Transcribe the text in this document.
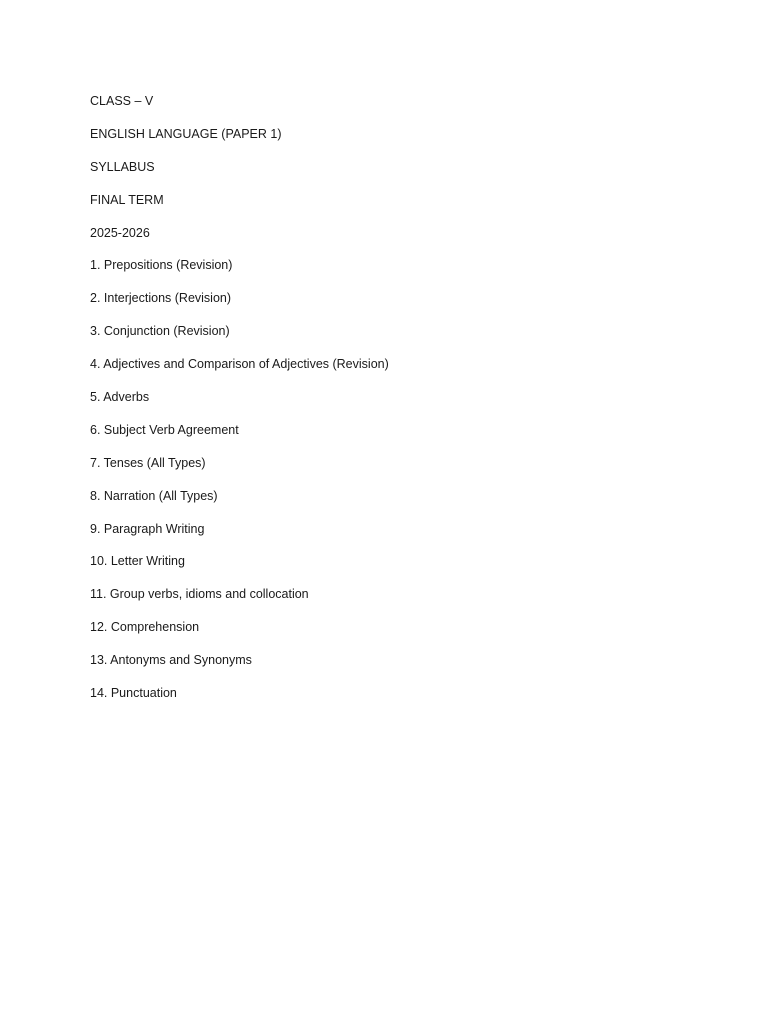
CLASS – V
ENGLISH LANGUAGE (PAPER 1)
SYLLABUS
FINAL TERM
2025-2026
1. Prepositions (Revision)
2. Interjections (Revision)
3. Conjunction (Revision)
4. Adjectives and Comparison of Adjectives (Revision)
5. Adverbs
6. Subject Verb Agreement
7. Tenses (All Types)
8. Narration (All Types)
9. Paragraph Writing
10. Letter Writing
11. Group verbs, idioms and collocation
12. Comprehension
13. Antonyms and Synonyms
14. Punctuation
